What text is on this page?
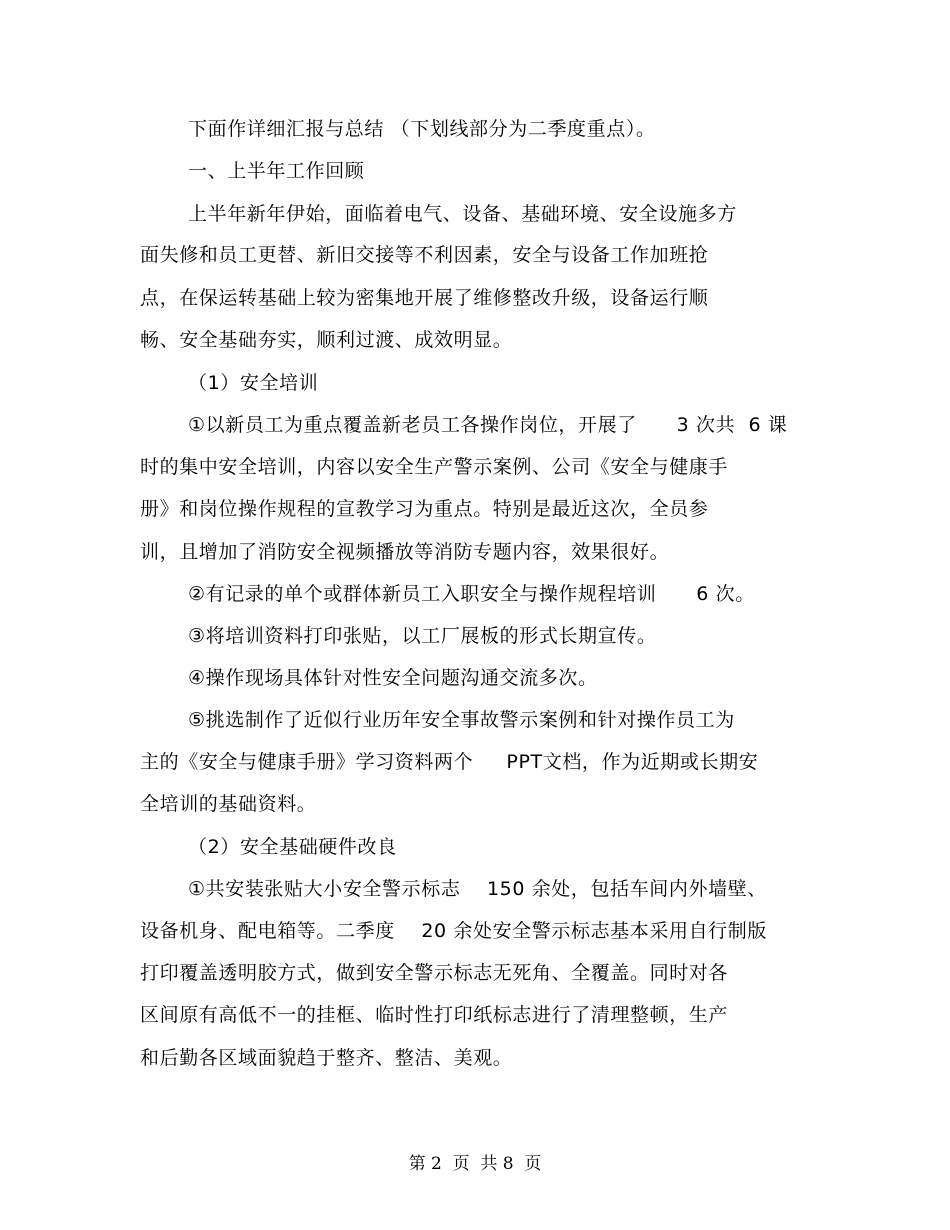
下面作详细汇报与总结 （下划线部分为二季度重点）。
一、上半年工作回顾
上半年新年伊始，面临着电气、设备、基础环境、安全设施多方
面失修和员工更替、新旧交接等不利因素，安全与设备工作加班抢
点，在保运转基础上较为密集地开展了维修整改升级，设备运行顺
畅、安全基础夯实，顺利过渡、成效明显。
（1）安全培训
①以新员工为重点覆盖新老员工各操作岗位，开展了      3 次共  6 课
时的集中安全培训，内容以安全生产警示案例、公司《安全与健康手
册》和岗位操作规程的宣教学习为重点。特别是最近这次，全员参
训，且增加了消防安全视频播放等消防专题内容，效果很好。
②有记录的单个或群体新员工入职安全与操作规程培训      6 次。
③将培训资料打印张贴，以工厂展板的形式长期宣传。
④操作现场具体针对性安全问题沟通交流多次。
⑤挑选制作了近似行业历年安全事故警示案例和针对操作员工为
主的《安全与健康手册》学习资料两个     PPT文档，作为近期或长期安
全培训的基础资料。
（2）安全基础硬件改良
①共安装张贴大小安全警示标志    150 余处，包括车间内外墙壁、
设备机身、配电箱等。二季度    20 余处安全警示标志基本采用自行制版
打印覆盖透明胶方式，做到安全警示标志无死角、全覆盖。同时对各
区间原有高低不一的挂框、临时性打印纸标志进行了清理整顿，生产
和后勤各区域面貌趋于整齐、整洁、美观。
第 2  页  共 8  页
